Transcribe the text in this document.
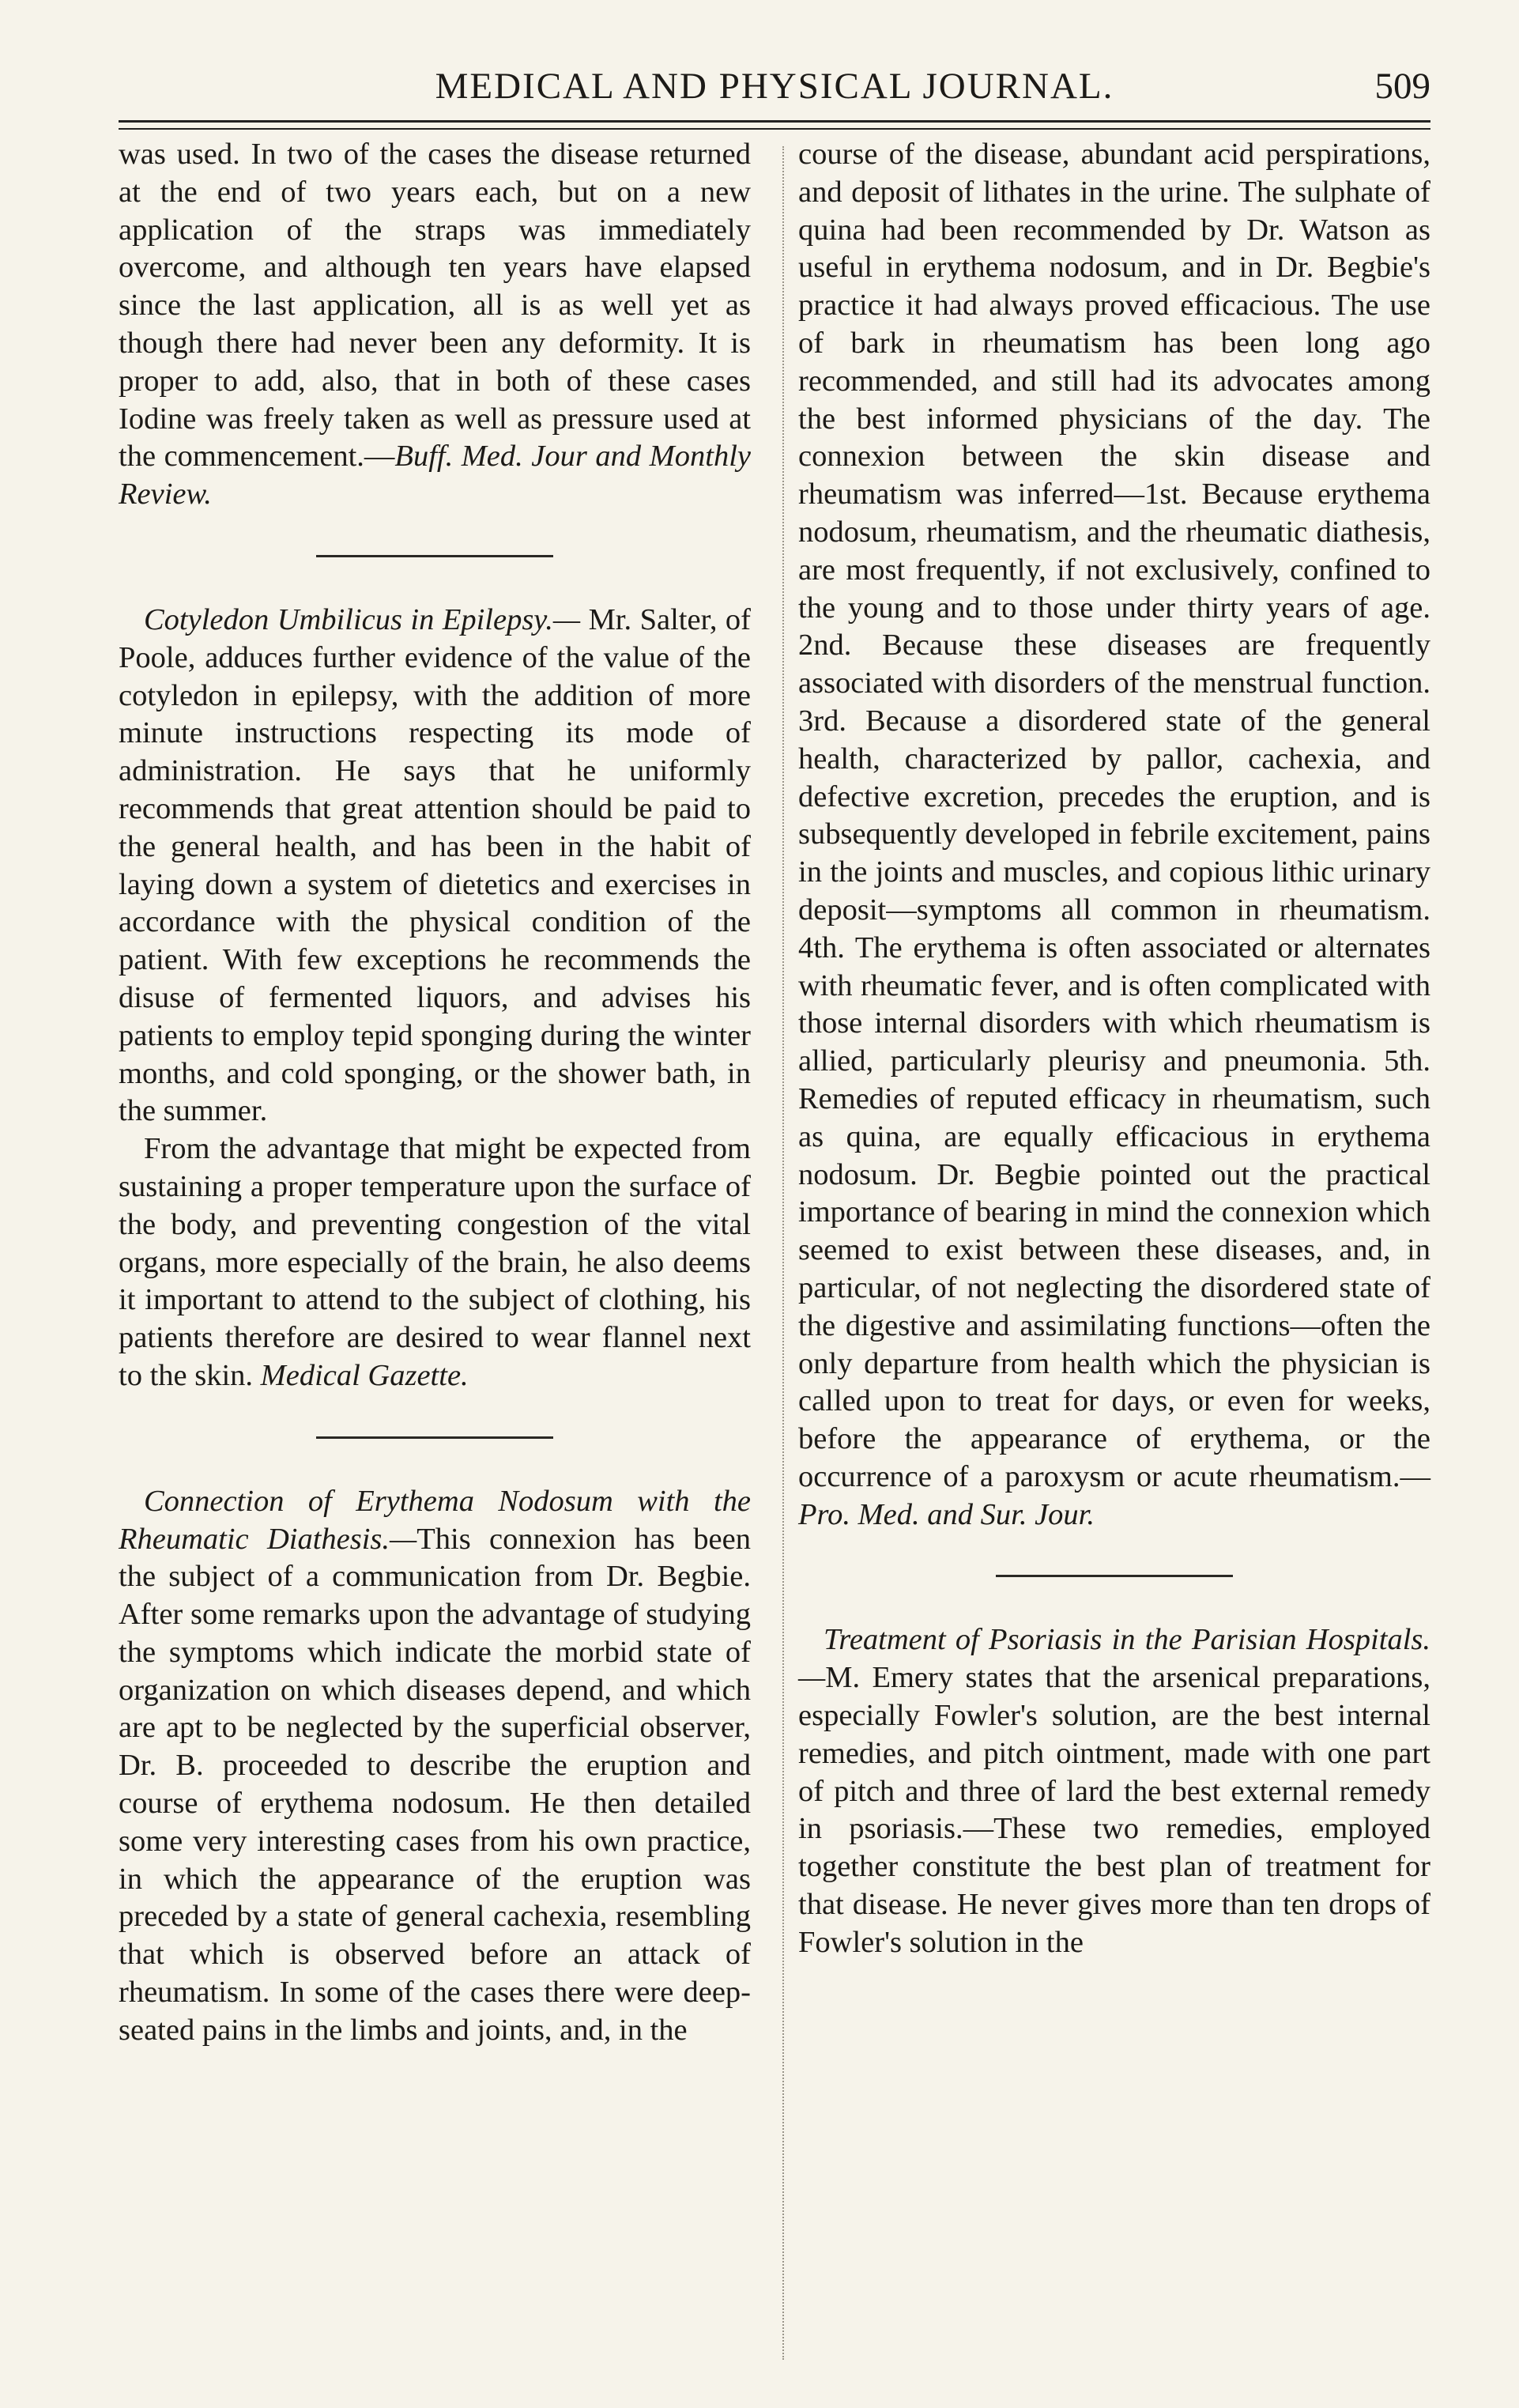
MEDICAL AND PHYSICAL JOURNAL.	509

was used. In two of the cases the disease returned at the end of two years each, but on a new application of the straps was immediately overcome, and although ten years have elapsed since the last application, all is as well yet as though there had never been any deformity. It is proper to add, also, that in both of these cases Iodine was freely taken as well as pressure used at the commencement.—Buff. Med. Jour and Monthly Review.

Cotyledon Umbilicus in Epilepsy.— Mr. Salter, of Poole, adduces further evidence of the value of the cotyledon in epilepsy, with the addition of more minute instructions respecting its mode of administration. He says that he uniformly recommends that great attention should be paid to the general health, and has been in the habit of laying down a system of dietetics and exercises in accordance with the physical condition of the patient. With few exceptions he recommends the disuse of fermented liquors, and advises his patients to employ tepid sponging during the winter months, and cold sponging, or the shower bath, in the summer.

From the advantage that might be expected from sustaining a proper temperature upon the surface of the body, and preventing congestion of the vital organs, more especially of the brain, he also deems it important to attend to the subject of clothing, his patients therefore are desired to wear flannel next to the skin. Medical Gazette.

Connection of Erythema Nodosum with the Rheumatic Diathesis.—This connexion has been the subject of a communication from Dr. Begbie. After some remarks upon the advantage of studying the symptoms which indicate the morbid state of organization on which diseases depend, and which are apt to be neglected by the superficial observer, Dr. B. proceeded to describe the eruption and course of erythema nodosum. He then detailed some very interesting cases from his own practice, in which the appearance of the eruption was preceded by a state of general cachexia, resembling that which is observed before an attack of rheumatism. In some of the cases there were deep-seated pains in the limbs and joints, and, in the

course of the disease, abundant acid perspirations, and deposit of lithates in the urine. The sulphate of quina had been recommended by Dr. Watson as useful in erythema nodosum, and in Dr. Begbie's practice it had always proved efficacious. The use of bark in rheumatism has been long ago recommended, and still had its advocates among the best informed physicians of the day. The connexion between the skin disease and rheumatism was inferred—1st. Because erythema nodosum, rheumatism, and the rheumatic diathesis, are most frequently, if not exclusively, confined to the young and to those under thirty years of age. 2nd. Because these diseases are frequently associated with disorders of the menstrual function. 3rd. Because a disordered state of the general health, characterized by pallor, cachexia, and defective excretion, precedes the eruption, and is subsequently developed in febrile excitement, pains in the joints and muscles, and copious lithic urinary deposit—symptoms all common in rheumatism. 4th. The erythema is often associated or alternates with rheumatic fever, and is often complicated with those internal disorders with which rheumatism is allied, particularly pleurisy and pneumonia. 5th. Remedies of reputed efficacy in rheumatism, such as quina, are equally efficacious in erythema nodosum. Dr. Begbie pointed out the practical importance of bearing in mind the connexion which seemed to exist between these diseases, and, in particular, of not neglecting the disordered state of the digestive and assimilating functions—often the only departure from health which the physician is called upon to treat for days, or even for weeks, before the appearance of erythema, or the occurrence of a paroxysm or acute rheumatism.—Pro. Med. and Sur. Jour.

Treatment of Psoriasis in the Parisian Hospitals.—M. Emery states that the arsenical preparations, especially Fowler's solution, are the best internal remedies, and pitch ointment, made with one part of pitch and three of lard the best external remedy in psoriasis.—These two remedies, employed together constitute the best plan of treatment for that disease. He never gives more than ten drops of Fowler's solution in the
